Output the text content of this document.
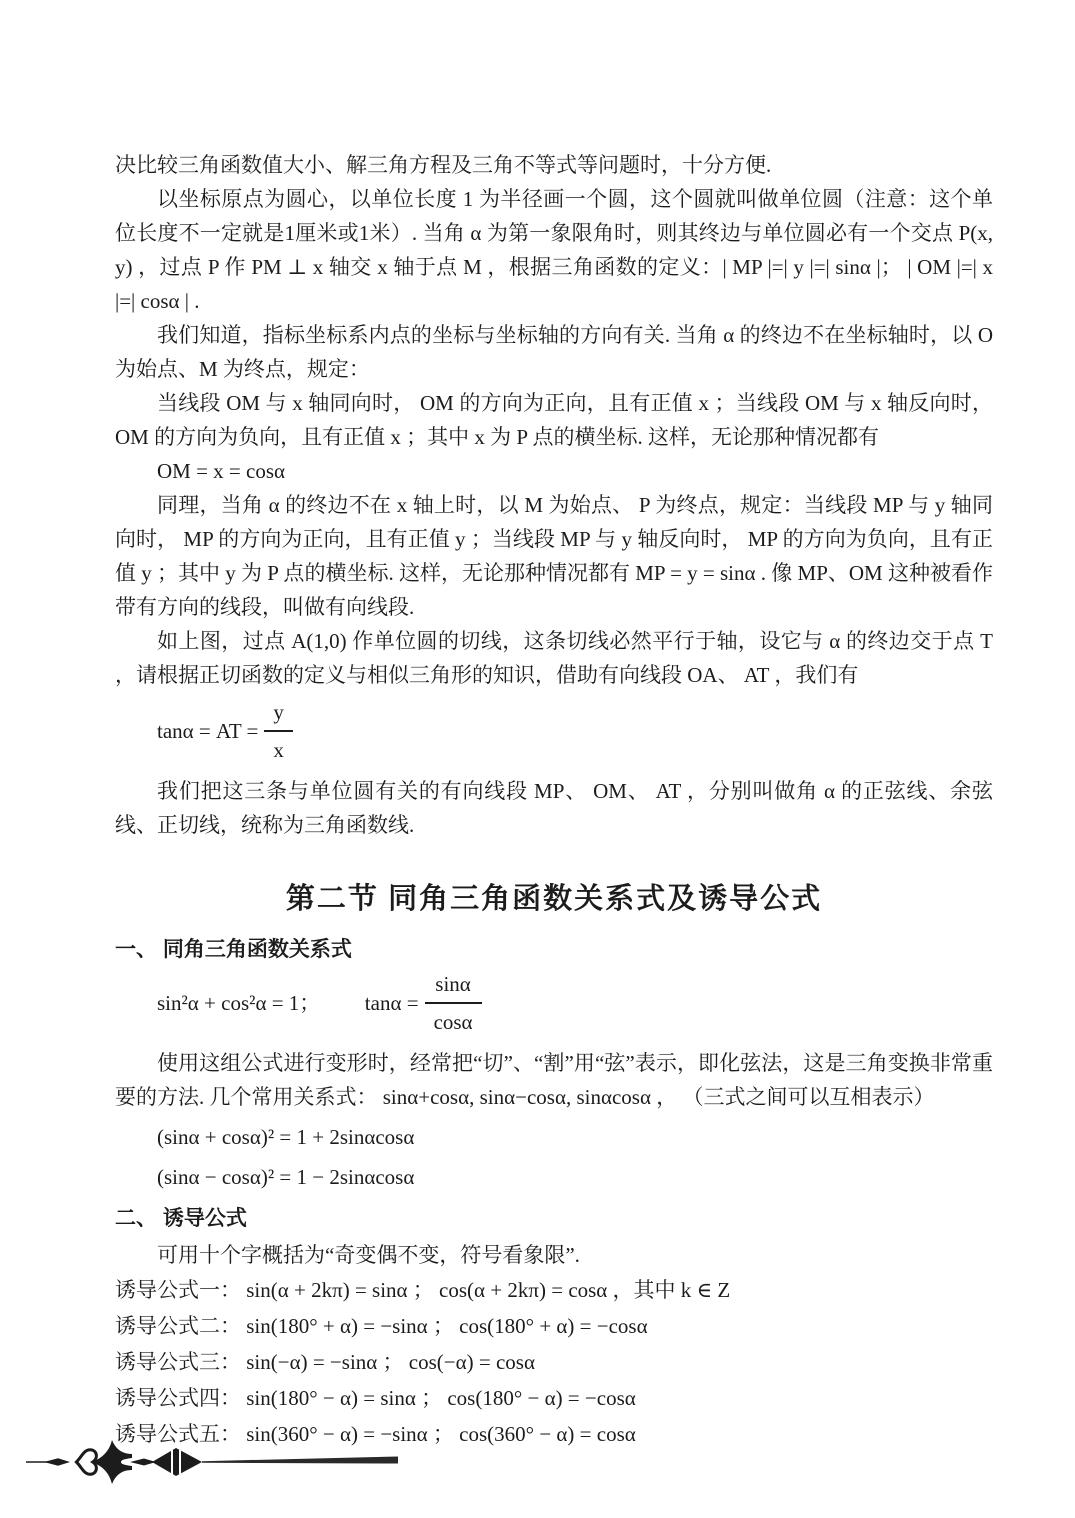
决比较三角函数值大小、解三角方程及三角不等式等问题时，十分方便.

以坐标原点为圆心，以单位长度 1 为半径画一个圆，这个圆就叫做单位圆（注意：这个单位长度不一定就是1厘米或1米）. 当角 α 为第一象限角时，则其终边与单位圆必有一个交点 P(x, y) ，过点 P 作 PM ⊥ x 轴交 x 轴于点 M ，根据三角函数的定义：| MP |=| y |=| sinα |； | OM |=| x |=| cosα | .

我们知道，指标坐标系内点的坐标与坐标轴的方向有关. 当角 α 的终边不在坐标轴时，以 O 为始点、M 为终点，规定：

当线段 OM 与 x 轴同向时， OM 的方向为正向，且有正值 x ；当线段 OM 与 x 轴反向时， OM 的方向为负向，且有正值 x ；其中 x 为 P 点的横坐标. 这样，无论那种情况都有

OM = x = cosα

同理，当角 α 的终边不在 x 轴上时，以 M 为始点、 P 为终点，规定：当线段 MP 与 y 轴同向时， MP 的方向为正向，且有正值 y ；当线段 MP 与 y 轴反向时， MP 的方向为负向，且有正值 y ；其中 y 为 P 点的横坐标. 这样，无论那种情况都有 MP = y = sinα . 像 MP、OM 这种被看作带有方向的线段，叫做有向线段.

如上图，过点 A(1,0) 作单位圆的切线，这条切线必然平行于轴，设它与 α 的终边交于点 T ，请根据正切函数的定义与相似三角形的知识，借助有向线段 OA、 AT ，我们有

tanα = AT = $\frac{y}{x}$

我们把这三条与单位圆有关的有向线段 MP、 OM、 AT ，分别叫做角 α 的正弦线、余弦线、正切线，统称为三角函数线.

第二节 同角三角函数关系式及诱导公式
一、 同角三角函数关系式
sin²α + cos²α = 1； $\tan\alpha = \frac{\sin\alpha}{\cos\alpha}$

使用这组公式进行变形时，经常把“切”、“割”用“弦”表示，即化弦法，这是三角变换非常重要的方法. 几个常用关系式： sinα+cosα, sinα−cosα, sinαcosα ， （三式之间可以互相表示）

(sinα + cosα)² = 1 + 2sinαcosα

(sinα − cosα)² = 1 − 2sinαcosα

二、 诱导公式

可用十个字概括为“奇变偶不变，符号看象限”.

诱导公式一： sin(α + 2kπ) = sinα ； cos(α + 2kπ) = cosα ，其中 k ∈ Z

诱导公式二： sin(180° + α) = −sinα ； cos(180° + α) = −cosα

诱导公式三： sin(−α) = −sinα ； cos(−α) = cosα

诱导公式四： sin(180° − α) = sinα ； cos(180° − α) = −cosα

诱导公式五： sin(360° − α) = −sinα ； cos(360° − α) = cosα
